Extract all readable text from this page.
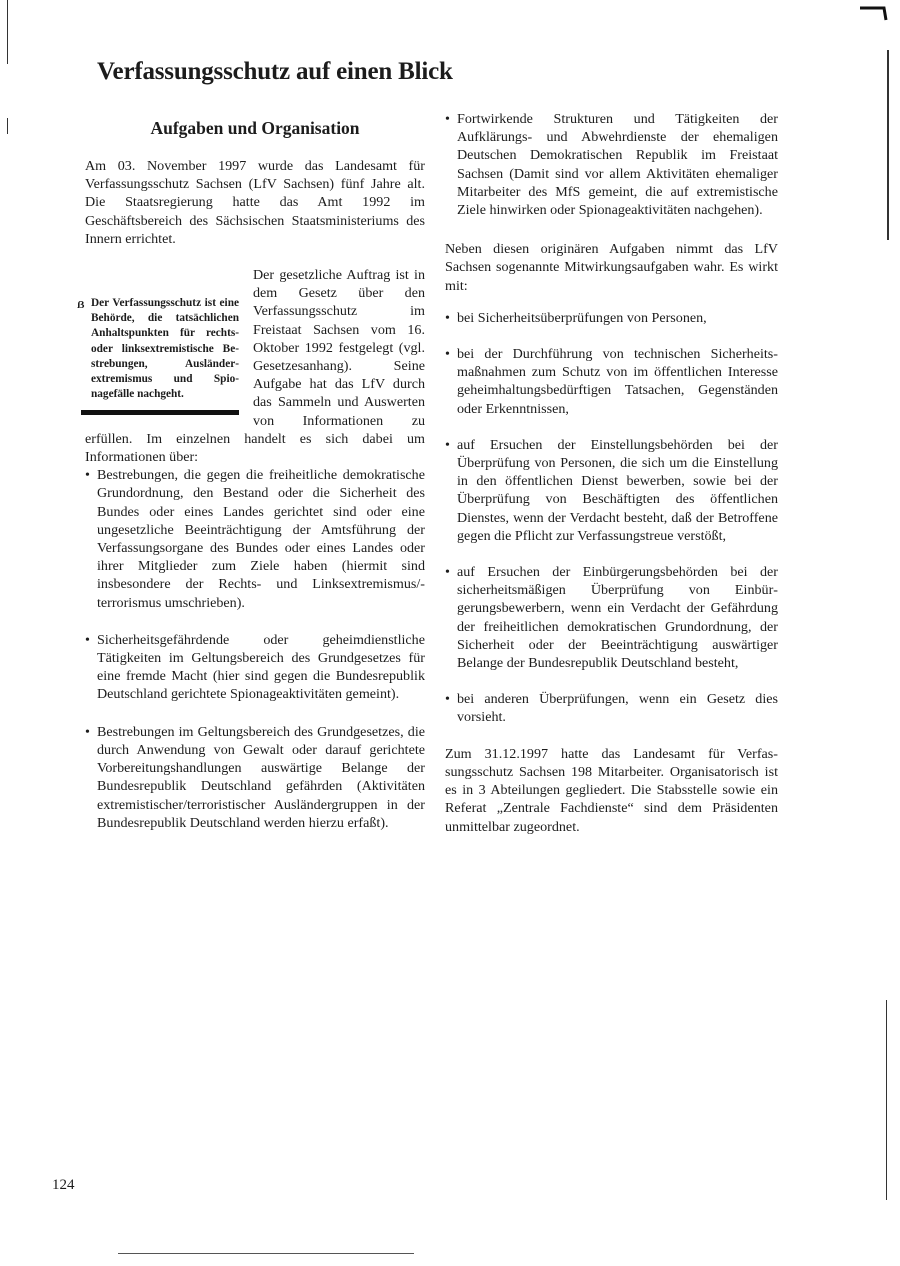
Verfassungsschutz auf einen Blick
Aufgaben und Organisation

Am 03. November 1997 wurde das Landesamt für Verfassungsschutz Sachsen (LfV Sachsen) fünf Jahre alt. Die Staatsregierung hatte das Amt 1992 im Geschäftsbereich des Sächsischen Staatsministeriums des Innern errichtet.

ẞ Der Verfassungsschutz ist eine Behörde, die tatsächlichen Anhaltspunkten für rechts- oder linksextremistische Bestrebungen, Ausländerextremismus und Spionagefälle nachgeht.

Der gesetzliche Auftrag ist in dem Gesetz über den Verfassungsschutz im Freistaat Sachsen vom 16. Oktober 1992 festgelegt (vgl. Gesetzesanhang). Seine Aufgabe hat das LfV durch das Sammeln und Auswerten von Informationen zu erfüllen. Im einzelnen handelt es sich dabei um Informationen über:

• Bestrebungen, die gegen die freiheitliche demokratische Grundordnung, den Bestand oder die Sicherheit des Bundes oder eines Landes gerichtet sind oder eine ungesetzliche Beeinträchtigung der Amtsführung der Verfassungsorgane des Bundes oder eines Landes oder ihrer Mitglieder zum Ziele haben (hiermit sind insbesondere der Rechts- und Linksextremismus/-terrorismus umschrieben).
• Sicherheitsgefährdende oder geheimdienstliche Tätigkeiten im Geltungsbereich des Grundgesetzes für eine fremde Macht (hier sind gegen die Bundesrepublik Deutschland gerichtete Spionageaktivitäten gemeint).
• Bestrebungen im Geltungsbereich des Grundgesetzes, die durch Anwendung von Gewalt oder darauf gerichtete Vorbereitungshandlungen auswärtige Belange der Bundesrepublik Deutschland gefährden (Aktivitäten extremistischer/terroristischer Ausländergruppen in der Bundesrepublik Deutschland werden hierzu erfaßt).
• Fortwirkende Strukturen und Tätigkeiten der Aufklärungs- und Abwehrdienste der ehemaligen Deutschen Demokratischen Republik im Freistaat Sachsen (Damit sind vor allem Aktivitäten ehemaliger Mitarbeiter des MfS gemeint, die auf extremistische Ziele hinwirken oder Spionageaktivitäten nachgehen).

Neben diesen originären Aufgaben nimmt das LfV Sachsen sogenannte Mitwirkungsaufgaben wahr. Es wirkt mit:

• bei Sicherheitsüberprüfungen von Personen,
• bei der Durchführung von technischen Sicherheitsmaßnahmen zum Schutz von im öffentlichen Interesse geheimhaltungsbedürftigen Tatsachen, Gegenständen oder Erkenntnissen,
• auf Ersuchen der Einstellungsbehörden bei der Überprüfung von Personen, die sich um die Einstellung in den öffentlichen Dienst bewerben, sowie bei der Überprüfung von Beschäftigten des öffentlichen Dienstes, wenn der Verdacht besteht, daß der Betroffene gegen die Pflicht zur Verfassungstreue verstößt,
• auf Ersuchen der Einbürgerungsbehörden bei der sicherheitsmäßigen Überprüfung von Einbürgerungsbewerbern, wenn ein Verdacht der Gefährdung der freiheitlichen demokratischen Grundordnung, der Sicherheit oder der Beeinträchtigung auswärtiger Belange der Bundesrepublik Deutschland besteht,
• bei anderen Überprüfungen, wenn ein Gesetz dies vorsieht.

Zum 31.12.1997 hatte das Landesamt für Verfassungsschutz Sachsen 198 Mitarbeiter. Organisatorisch ist es in 3 Abteilungen gegliedert. Die Stabsstelle sowie ein Referat „Zentrale Fachdienste“ sind dem Präsidenten unmittelbar zugeordnet.

124
